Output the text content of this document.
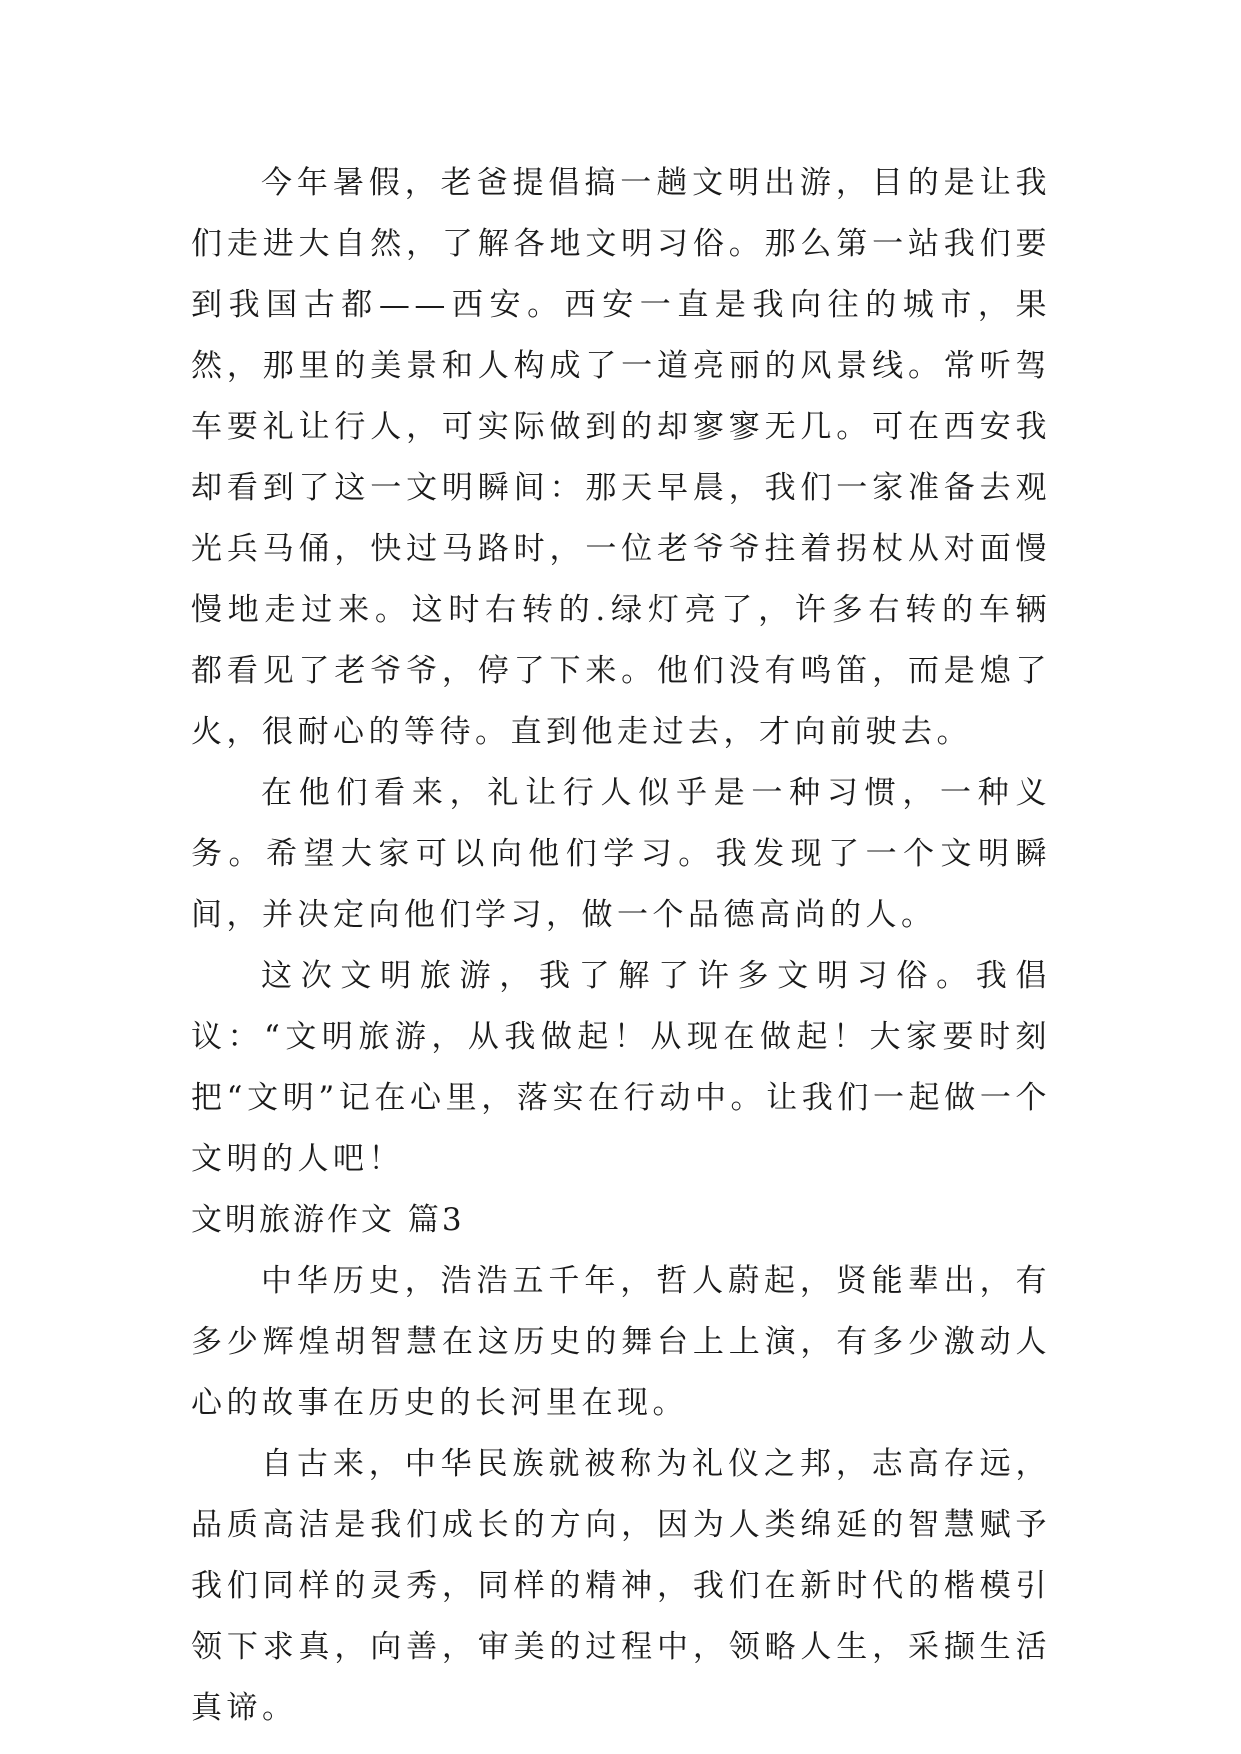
今年暑假，老爸提倡搞一趟文明出游，目的是让我们走进大自然，了解各地文明习俗。那么第一站我们要到我国古都——西安。西安一直是我向往的城市，果然，那里的美景和人构成了一道亮丽的风景线。常听驾车要礼让行人，可实际做到的却寥寥无几。可在西安我却看到了这一文明瞬间：那天早晨，我们一家准备去观光兵马俑，快过马路时，一位老爷爷拄着拐杖从对面慢慢地走过来。这时右转的.绿灯亮了，许多右转的车辆都看见了老爷爷，停了下来。他们没有鸣笛，而是熄了火，很耐心的等待。直到他走过去，才向前驶去。

在他们看来，礼让行人似乎是一种习惯，一种义务。希望大家可以向他们学习。我发现了一个文明瞬间，并决定向他们学习，做一个品德高尚的人。

这次文明旅游，我了解了许多文明习俗。我倡议：“文明旅游，从我做起！从现在做起！大家要时刻把“文明”记在心里，落实在行动中。让我们一起做一个文明的人吧！

文明旅游作文 篇3

中华历史，浩浩五千年，哲人蔚起，贤能辈出，有多少辉煌胡智慧在这历史的舞台上上演，有多少激动人心的故事在历史的长河里在现。

自古来，中华民族就被称为礼仪之邦，志高存远，品质高洁是我们成长的方向，因为人类绵延的智慧赋予我们同样的灵秀，同样的精神，我们在新时代的楷模引领下求真，向善，审美的过程中，领略人生，采撷生活真谛。
